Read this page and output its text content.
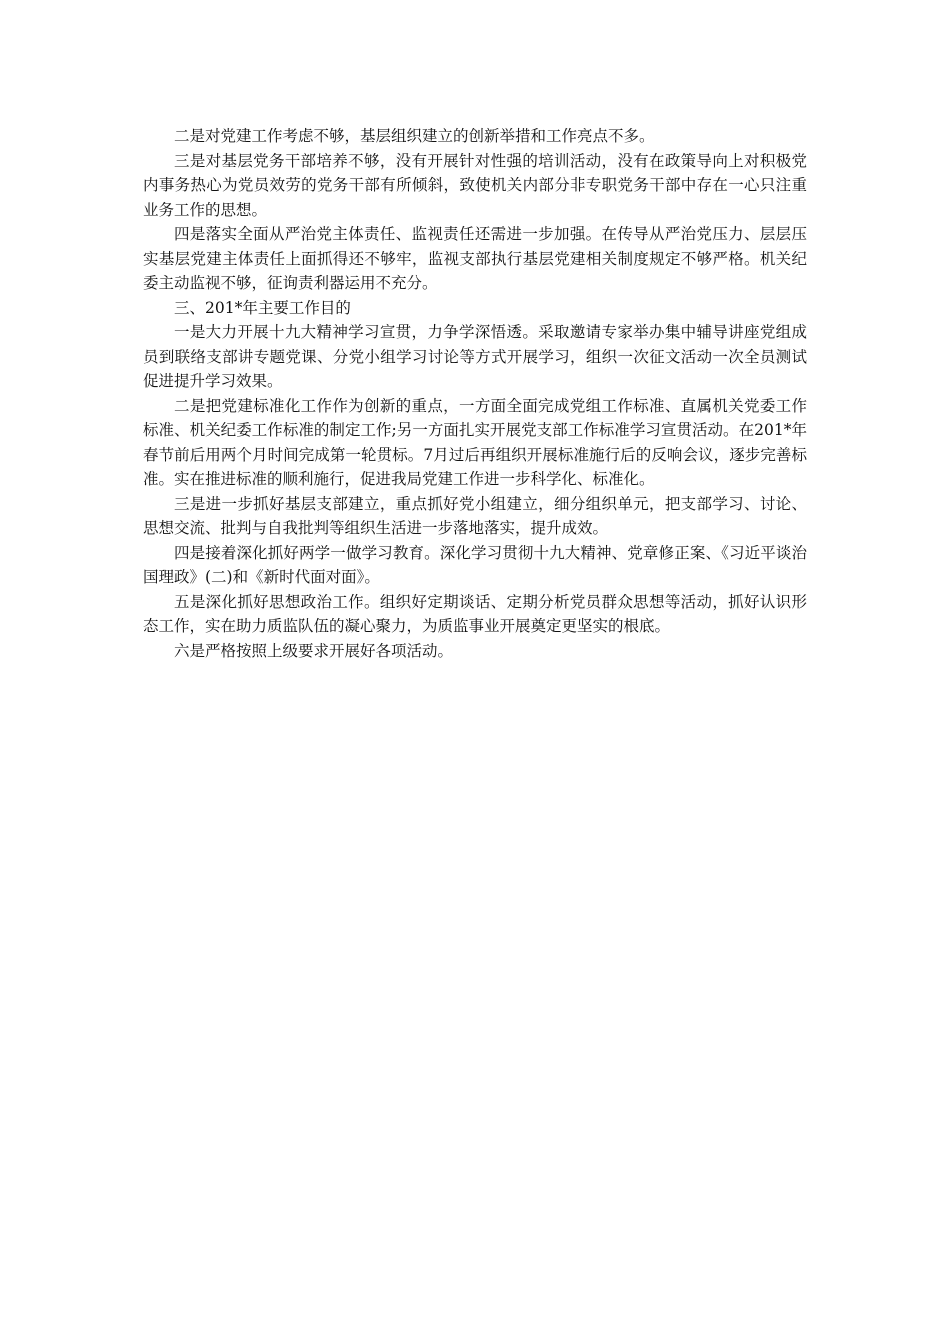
二是对党建工作考虑不够，基层组织建立的创新举措和工作亮点不多。

三是对基层党务干部培养不够，没有开展针对性强的培训活动，没有在政策导向上对积极党内事务热心为党员效劳的党务干部有所倾斜，致使机关内部分非专职党务干部中存在一心只注重业务工作的思想。

四是落实全面从严治党主体责任、监视责任还需进一步加强。在传导从严治党压力、层层压实基层党建主体责任上面抓得还不够牢，监视支部执行基层党建相关制度规定不够严格。机关纪委主动监视不够，征询责利器运用不充分。

三、201*年主要工作目的

一是大力开展十九大精神学习宣贯，力争学深悟透。采取邀请专家举办集中辅导讲座党组成员到联络支部讲专题党课、分党小组学习讨论等方式开展学习，组织一次征文活动一次全员测试促进提升学习效果。

二是把党建标准化工作作为创新的重点，一方面全面完成党组工作标准、直属机关党委工作标准、机关纪委工作标准的制定工作;另一方面扎实开展党支部工作标准学习宣贯活动。在201*年春节前后用两个月时间完成第一轮贯标。7月过后再组织开展标准施行后的反响会议，逐步完善标准。实在推进标准的顺利施行，促进我局党建工作进一步科学化、标准化。

三是进一步抓好基层支部建立，重点抓好党小组建立，细分组织单元，把支部学习、讨论、思想交流、批判与自我批判等组织生活进一步落地落实，提升成效。

四是接着深化抓好两学一做学习教育。深化学习贯彻十九大精神、党章修正案、《习近平谈治国理政》(二)和《新时代面对面》。

五是深化抓好思想政治工作。组织好定期谈话、定期分析党员群众思想等活动，抓好认识形态工作，实在助力质监队伍的凝心聚力，为质监事业开展奠定更坚实的根底。

六是严格按照上级要求开展好各项活动。
